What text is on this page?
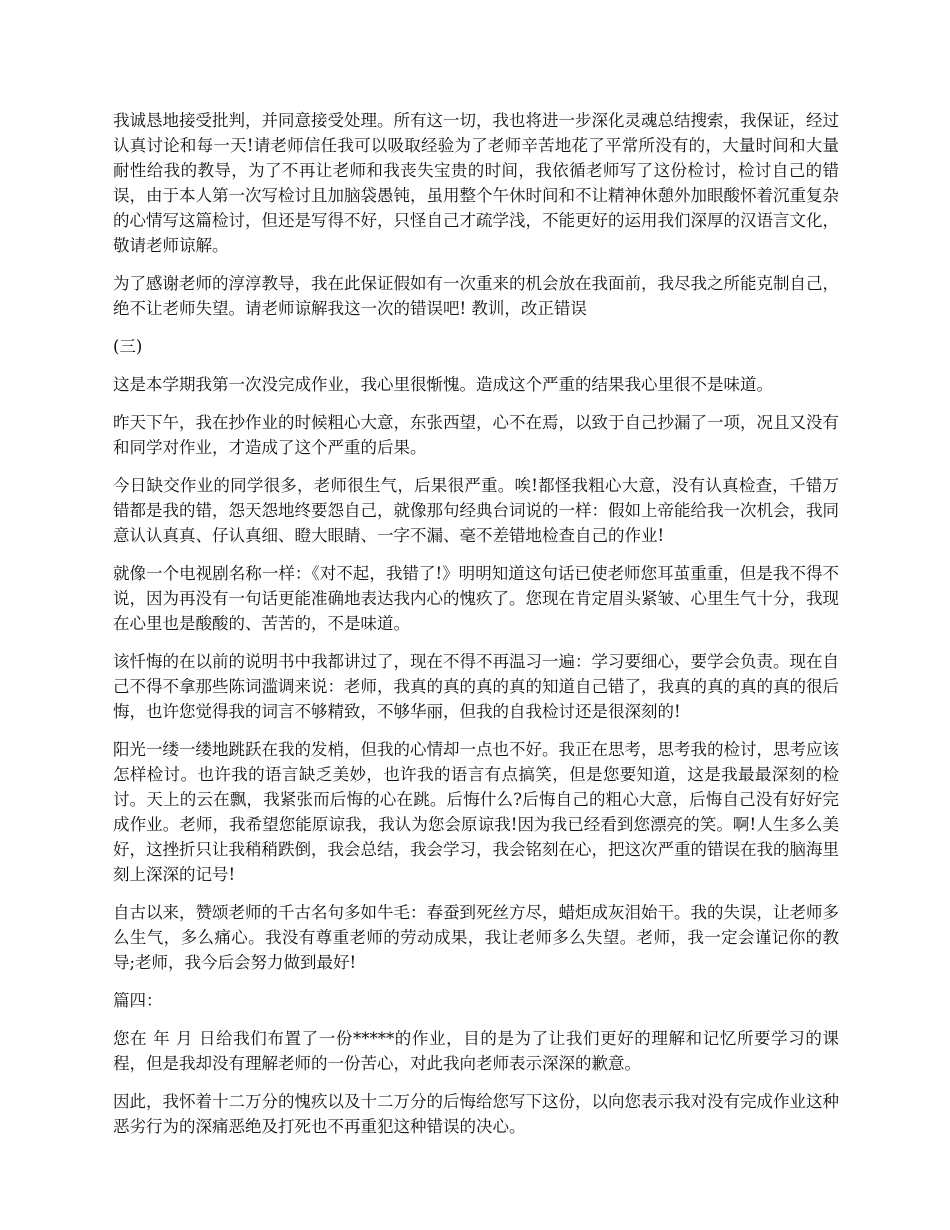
我诚恳地接受批判，并同意接受处理。所有这一切，我也将进一步深化灵魂总结搜索，我保证，经过认真讨论和每一天!请老师信任我可以吸取经验为了老师辛苦地花了平常所没有的，大量时间和大量耐性给我的教导，为了不再让老师和我丧失宝贵的时间，我依循老师写了这份检讨，检讨自己的错误，由于本人第一次写检讨且加脑袋愚钝，虽用整个午休时间和不让精神休憩外加眼酸怀着沉重复杂的心情写这篇检讨，但还是写得不好，只怪自己才疏学浅，不能更好的运用我们深厚的汉语言文化，敬请老师谅解。

为了感谢老师的淳淳教导，我在此保证假如有一次重来的机会放在我面前，我尽我之所能克制自己，绝不让老师失望。请老师谅解我这一次的错误吧! 教训，改正错误

(三)

这是本学期我第一次没完成作业，我心里很惭愧。造成这个严重的结果我心里很不是味道。

昨天下午，我在抄作业的时候粗心大意，东张西望，心不在焉，以致于自己抄漏了一项，况且又没有和同学对作业，才造成了这个严重的后果。

今日缺交作业的同学很多，老师很生气，后果很严重。唉!都怪我粗心大意，没有认真检查，千错万错都是我的错，怨天怨地终要怨自己，就像那句经典台词说的一样：假如上帝能给我一次机会，我同意认认真真、仔认真细、瞪大眼睛、一字不漏、毫不差错地检查自己的作业!

就像一个电视剧名称一样：《对不起，我错了!》明明知道这句话已使老师您耳茧重重，但是我不得不说，因为再没有一句话更能准确地表达我内心的愧疚了。您现在肯定眉头紧皱、心里生气十分，我现在心里也是酸酸的、苦苦的，不是味道。

该忏悔的在以前的说明书中我都讲过了，现在不得不再温习一遍：学习要细心，要学会负责。现在自己不得不拿那些陈词滥调来说：老师，我真的真的真的真的知道自己错了，我真的真的真的真的很后悔，也许您觉得我的词言不够精致，不够华丽，但我的自我检讨还是很深刻的!

阳光一缕一缕地跳跃在我的发梢，但我的心情却一点也不好。我正在思考，思考我的检讨，思考应该怎样检讨。也许我的语言缺乏美妙，也许我的语言有点搞笑，但是您要知道，这是我最最深刻的检讨。天上的云在飘，我紧张而后悔的心在跳。后悔什么?后悔自己的粗心大意，后悔自己没有好好完成作业。老师，我希望您能原谅我，我认为您会原谅我!因为我已经看到您漂亮的笑。啊!人生多么美好，这挫折只让我稍稍跌倒，我会总结，我会学习，我会铭刻在心，把这次严重的错误在我的脑海里刻上深深的记号!

自古以来，赞颂老师的千古名句多如牛毛：春蚕到死丝方尽，蜡炬成灰泪始干。我的失误，让老师多么生气，多么痛心。我没有尊重老师的劳动成果，我让老师多么失望。老师，我一定会谨记你的教导;老师，我今后会努力做到最好!

篇四：

您在 年 月 日给我们布置了一份*****的作业，目的是为了让我们更好的理解和记忆所要学习的课程，但是我却没有理解老师的一份苦心，对此我向老师表示深深的歉意。

因此，我怀着十二万分的愧疚以及十二万分的后悔给您写下这份，以向您表示我对没有完成作业这种恶劣行为的深痛恶绝及打死也不再重犯这种错误的决心。
